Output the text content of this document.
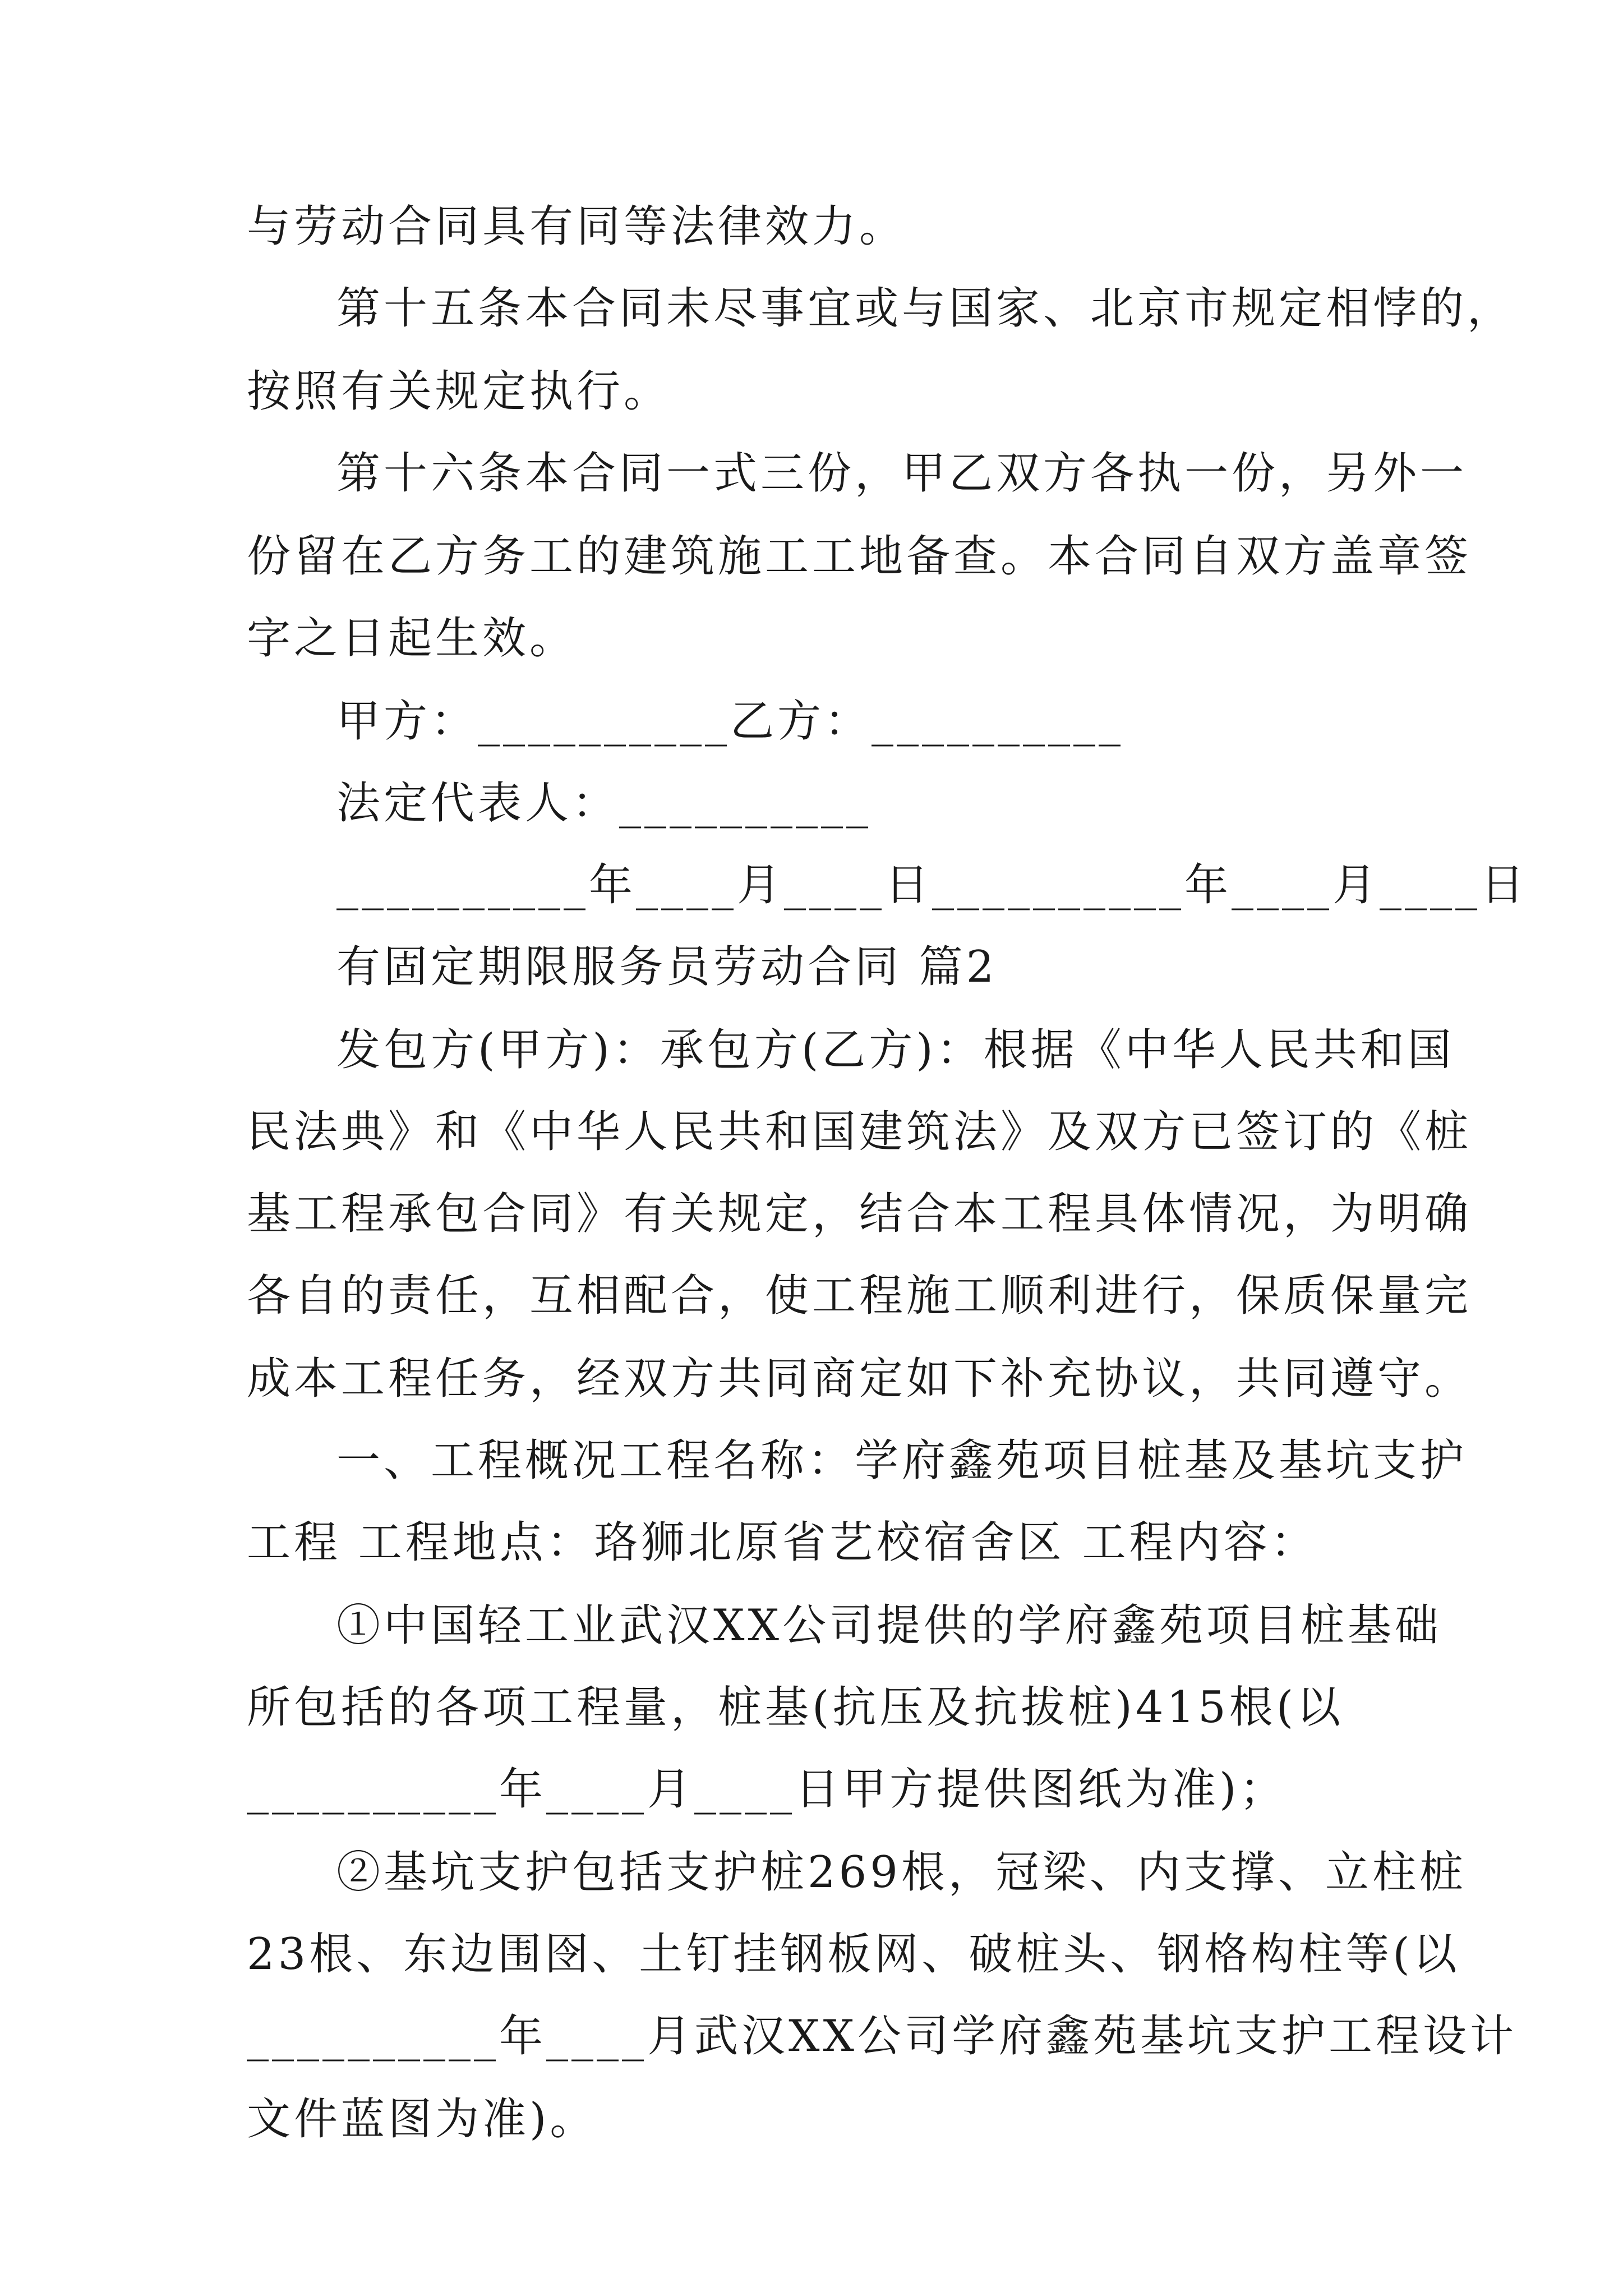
与劳动合同具有同等法律效力。
第十五条本合同未尽事宜或与国家、北京市规定相悖的，
按照有关规定执行。
第十六条本合同一式三份，甲乙双方各执一份，另外一
份留在乙方务工的建筑施工工地备查。本合同自双方盖章签
字之日起生效。
甲方：__________乙方：__________
法定代表人：__________
__________年____月____日__________年____月____日
有固定期限服务员劳动合同 篇2
发包方(甲方)：承包方(乙方)：根据《中华人民共和国
民法典》和《中华人民共和国建筑法》及双方已签订的《桩
基工程承包合同》有关规定，结合本工程具体情况，为明确
各自的责任，互相配合，使工程施工顺利进行，保质保量完
成本工程任务，经双方共同商定如下补充协议，共同遵守。
一、工程概况工程名称：学府鑫苑项目桩基及基坑支护
工程 工程地点：珞狮北原省艺校宿舍区 工程内容：
①中国轻工业武汉XX公司提供的学府鑫苑项目桩基础
所包括的各项工程量，桩基(抗压及抗拔桩)415根(以
__________年____月____日甲方提供图纸为准)；
②基坑支护包括支护桩269根，冠梁、内支撑、立柱桩
23根、东边围囹、土钉挂钢板网、破桩头、钢格构柱等(以
__________年____月武汉XX公司学府鑫苑基坑支护工程设计
文件蓝图为准)。
